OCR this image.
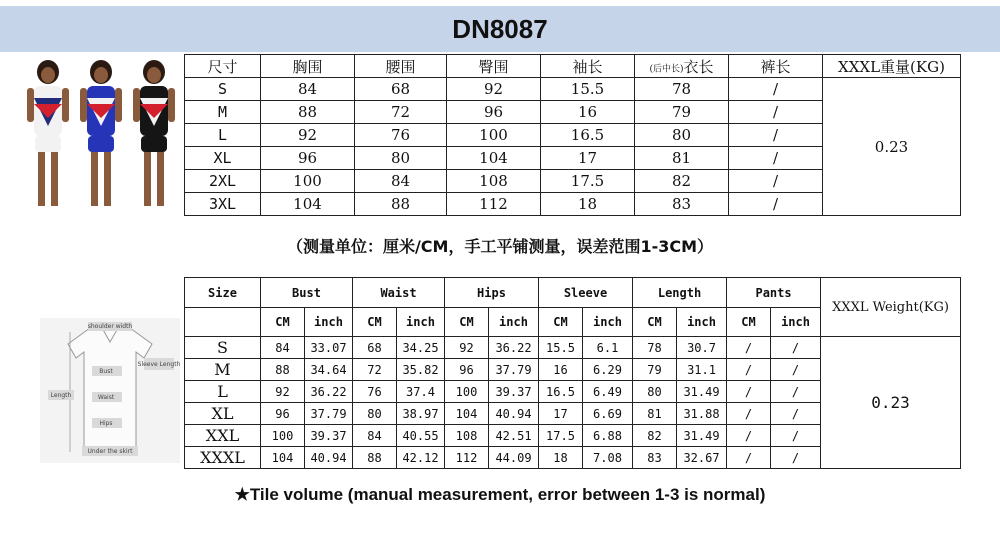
DN8087
尺寸	胸围	腰围	臀围	袖长	(后中长)衣长	裤长	XXXL重量(KG)
S	84	68	92	15.5	78	/	0.23
M	88	72	96	16	79	/	
L	92	76	100	16.5	80	/	
XL	96	80	104	17	81	/	
2XL	100	84	108	17.5	82	/	
3XL	104	88	112	18	83	/	
（测量单位：厘米/CM，手工平铺测量，误差范围1-3CM）
shoulder width
Sleeve Length
Length
Bust
Waist
Hips
Under the skirt
Size	Bust		Waist		Hips		Sleeve		Length		Pants		XXXL Weight(KG)
	CM	inch	CM	inch	CM	inch	CM	inch	CM	inch	CM	inch	
S	84	33.07	68	34.25	92	36.22	15.5	6.1	78	30.7	/	/	0.23
M	88	34.64	72	35.82	96	37.79	16	6.29	79	31.1	/	/	
L	92	36.22	76	37.4	100	39.37	16.5	6.49	80	31.49	/	/	
XL	96	37.79	80	38.97	104	40.94	17	6.69	81	31.88	/	/	
XXL	100	39.37	84	40.55	108	42.51	17.5	6.88	82	31.49	/	/	
XXXL	104	40.94	88	42.12	112	44.09	18	7.08	83	32.67	/	/	
★Tile volume (manual measurement, error between 1-3 is normal)
